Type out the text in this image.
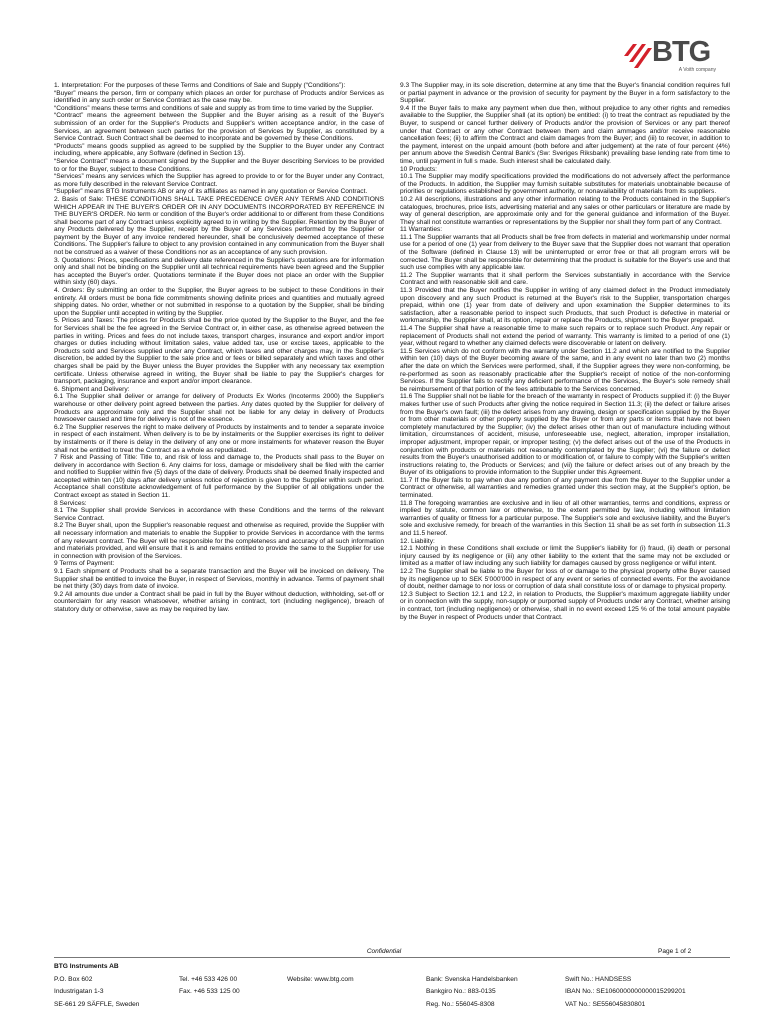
BTG
A Voith company

1. Interpretation: For the purposes of these Terms and Conditions of Sale and Supply (“Conditions”):

“Buyer” means the person, firm or company which places an order for purchase of Products and/or Services as identified in any such order or Service Contract as the case may be.

“Conditions” means these terms and conditions of sale and supply as from time to time varied by the Supplier.

“Contract” means the agreement between the Supplier and the Buyer arising as a result of the Buyer's submission of an order for the Supplier's Products and Supplier's written acceptance and/or, in the case of Services, an agreement between such parties for the provision of Services by Supplier, as constituted by a Service Contract. Such Contract shall be deemed to incorporate and be governed by these Conditions.

“Products” means goods supplied as agreed to be supplied by the Supplier to the Buyer under any Contract including, where applicable, any Software (defined in Section 13).

“Service Contract” means a document signed by the Supplier and the Buyer describing Services to be provided to or for the Buyer, subject to these Conditions.

“Services” means any services which the Supplier has agreed to provide to or for the Buyer under any Contract, as more fully described in the relevant Service Contract.

“Supplier” means BTG Instruments AB or any of its affiliates as named in any quotation or Service Contract.

2. Basis of Sale: THESE CONDITIONS SHALL TAKE PRECEDENCE OVER ANY TERMS AND CONDITIONS WHICH APPEAR IN THE BUYER'S ORDER OR IN ANY DOCUMENTS INCORPORATED BY REFERENCE IN THE BUYER'S ORDER. No term or condition of the Buyer's order additional to or different from these Conditions shall become part of any Contract unless explicitly agreed to in writing by the Supplier. Retention by the Buyer of any Products delivered by the Supplier, receipt by the Buyer of any Services performed by the Supplier or payment by the Buyer of any invoice rendered hereunder, shall be conclusively deemed acceptance of these Conditions. The Supplier's failure to object to any provision contained in any communication from the Buyer shall not be construed as a waiver of these Conditions nor as an acceptance of any such provision.

3. Quotations: Prices, specifications and delivery date referenced in the Supplier's quotations are for information only and shall not be binding on the Supplier until all technical requirements have been agreed and the Supplier has accepted the Buyer's order. Quotations terminate if the Buyer does not place an order with the Supplier within sixty (60) days.

4. Orders: By submitting an order to the Supplier, the Buyer agrees to be subject to these Conditions in their entirety. All orders must be bona fide commitments showing definite prices and quantities and mutually agreed shipping dates. No order, whether or not submitted in response to a quotation by the Supplier, shall be binding upon the Supplier until accepted in writing by the Supplier.

5. Prices and Taxes: The prices for Products shall be the price quoted by the Supplier to the Buyer, and the fee for Services shall be the fee agreed in the Service Contract or, in either case, as otherwise agreed between the parties in writing. Prices and fees do not include taxes, transport charges, insurance and export and/or import charges or duties including without limitation sales, value added tax, use or excise taxes, applicable to the Products sold and Services supplied under any Contract, which taxes and other charges may, in the Supplier's discretion, be added by the Supplier to the sale price and or fees or billed separately and which taxes and other charges shall be paid by the Buyer unless the Buyer provides the Supplier with any necessary tax exemption certificate. Unless otherwise agreed in writing, the Buyer shall be liable to pay the Supplier's charges for transport, packaging, insurance and export and/or import clearance.

6. Shipment and Delivery:

6.1 The Supplier shall deliver or arrange for delivery of Products Ex Works (Incoterms 2000) the Supplier's warehouse or other delivery point agreed between the parties. Any dates quoted by the Supplier for delivery of Products are approximate only and the Supplier shall not be liable for any delay in delivery of Products howsoever caused and time for delivery is not of the essence.

6.2 The Supplier reserves the right to make delivery of Products by instalments and to tender a separate invoice in respect of each instalment. When delivery is to be by instalments or the Supplier exercises its right to deliver by instalments or if there is delay in the delivery of any one or more instalments for whatever reason the Buyer shall not be entitled to treat the Contract as a whole as repudiated.

7 Risk and Passing of Title: Title to, and risk of loss and damage to, the Products shall pass to the Buyer on delivery in accordance with Section 6. Any claims for loss, damage or misdelivery shall be filed with the carrier and notified to Supplier within five (5) days of the date of delivery. Products shall be deemed finally inspected and accepted within ten (10) days after delivery unless notice of rejection is given to the Supplier within such period. Acceptance shall constitute acknowledgement of full performance by the Supplier of all obligations under the Contract except as stated in Section 11.

8 Services:

8.1 The Supplier shall provide Services in accordance with these Conditions and the terms of the relevant Service Contract.

8.2 The Buyer shall, upon the Supplier's reasonable request and otherwise as required, provide the Supplier with all necessary information and materials to enable the Supplier to provide Services in accordance with the terms of any relevant contract. The Buyer will be responsible for the completeness and accuracy of all such information and materials provided, and will ensure that it is and remains entitled to provide the same to the Supplier for use in connection with provision of the Services.

9 Terms of Payment:

9.1 Each shipment of Products shall be a separate transaction and the Buyer will be invoiced on delivery. The Supplier shall be entitled to invoice the Buyer, in respect of Services, monthly in advance. Terms of payment shall be net thirty (30) days from date of invoice.

9.2 All amounts due under a Contract shall be paid in full by the Buyer without deduction, withholding, set-off or counterclaim for any reason whatsoever, whether arising in contract, tort (including negligence), breach of statutory duty or otherwise, save as may be required by law.

9.3 The Supplier may, in its sole discretion, determine at any time that the Buyer's financial condition requires full or partial payment in advance or the provision of security for payment by the Buyer in a form satisfactory to the Supplier.

9.4 If the Buyer fails to make any payment when due then, without prejudice to any other rights and remedies available to the Supplier, the Supplier shall (at its option) be entitled: (i) to treat the contract as repudiated by the Buyer, to suspend or cancel further delivery of Products and/or the provision of Services or any part thereof under that Contract or any other Contract between them and claim ammages and/or receive reasonable cancellation fees; (ii) to affirm the Contract and claim damages from the Buyer; and (iii) to recover, in addition to the payment, interest on the unpaid amount (both before and after judgement) at the rate of four percent (4%) per annum above the Swedish Central Bank's (Sw: Sveriges Riksbank) prevailing base lending rate from time to time, until payment in full s made. Such interest shall be calculated daily.

10 Products:

10.1 The Supplier may modify specifications provided the modifications do not adversely affect the performance of the Products. In addition, the Supplier may furnish suitable substitutes for materials unobtainable because of priorities or regulations established by government authority, or nonavailability of materials from its suppliers.

10.2 All descriptions, illustrations and any other information relating to the Products contained in the Supplier's catalogues, brochures, price lists, advertising material and any sales or other particulars or literature are made by way of general description, are approximate only and for the general guidance and information of the Buyer. They shall not constitute warranties or representations by the Supplier nor shall they form part of any Contract.

11 Warranties:

11.1 The Supplier warrants that all Products shall be free from defects in material and workmanship under normal use for a period of one (1) year from delivery to the Buyer save that the Supplier does not warrant that operation of the Software (defined in Clause 13) will be uninterrupted or error free or that all program errors will be corrected. The Buyer shall be responsible for determining that the product is suitable for the Buyer's use and that such use complies with any applicable law.

11.2 The Supplier warrants that it shall perform the Services substantially in accordance with the Service Contract and with reasonable skill and care.

11.3 Provided that the Buyer notifies the Supplier in writing of any claimed defect in the Product immediately upon discovery and any such Product is returned at the Buyer's risk to the Supplier, transportation charges prepaid, within one (1) year from date of delivery and upon examination the Supplier determines to its satisfaction, after a reasonable period to inspect such Products, that such Product is defective in material or workmanship, the Supplier shall, at its option, repair or replace the Products, shipment to the Buyer prepaid.

11.4 The Supplier shall have a reasonable time to make such repairs or to replace such Product. Any repair or replacement of Products shall not extend the period of warranty. This warranty is limited to a period of one (1) year, without regard to whether any claimed defects were discoverable or latent on delivery.

11.5 Services which do not conform with the warranty under Section 11.2 and which are notified to the Supplier within ten (10) days of the Buyer becoming aware of the same, and in any event no later than two (2) months after the date on which the Services were performed, shall, if the Supplier agrees they were non-conforming, be re-performed as soon as reasonably practicable after the Supplier's receipt of notice of the non-conforming Services. If the Supplier fails to rectify any deficient performance of the Services, the Buyer's sole remedy shall be reimbursement of that portion of the fees attributable to the Services concerned.

11.6 The Supplier shall not be liable for the breach of the warranty in respect of Products supplied if: (i) the Buyer makes further use of such Products after giving the notice required in Section 11.3; (ii) the defect or failure arises from the Buyer's own fault; (iii) the defect arises from any drawing, design or specification supplied by the Buyer or from other materials or other property supplied by the Buyer or from any parts or items that have not been completely manufactured by the Supplier; (iv) the defect arises other than out of manufacture including without limitation, circumstances of accident, misuse, unforeseeable use, neglect, alteration, improper installation, improper adjustment, improper repair, or improper testing; (v) the defect arises out of the use of the Products in conjunction with products or materials not reasonably contemplated by the Supplier; (vi) the failure or defect results from the Buyer's unauthorised addition to or modification of, or failure to comply with the Supplier's written instructions relating to, the Products or Services; and (vii) the failure or defect arises out of any breach by the Buyer of its obligations to provide information to the Supplier under this Agreement.

11.7 If the Buyer fails to pay when due any portion of any payment due from the Buyer to the Supplier under a Contract or otherwise, all warranties and remedies granted under this section may, at the Supplier's option, be terminated.

11.8 The foregoing warranties are exclusive and in lieu of all other warranties, terms and conditions, express or implied by statute, common law or otherwise, to the extent permitted by law, including without limitation warranties of quality or fitness for a particular purpose. The Supplier's sole and exclusive liability, and the Buyer's sole and exclusive remedy, for breach of the warranties in this Section 11 shall be as set forth in subsection 11.3 and 11.5 hereof.

12. Liability:

12.1 Nothing in these Conditions shall exclude or limit the Supplier's liability for (i) fraud, (ii) death or personal injury caused by its negligence or (iii) any other liability to the extent that the same may not be excluded or limited as a matter of law including any such liability for damages caused by gross negligence or wilful intent.

12.2 The Supplier shall be liable to the Buyer for loss of or damage to the physical property ofthe Buyer caused by its negligence up to SEK 5'000'000 in respect of any event or series of connected events. For the avoidance of doubt, neither damage to nor loss or corruption of data shall constitute loss of or damage to physical property.

12.3 Subject to Section 12.1 and 12.2, in relation to Products, the Supplier's maximum aggregate liability under or in connection with the supply, non-supply or purported supply of Products under any Contract, whether arising in contract, tort (including negligence) or otherwise, shall in no event exceed 125 % of the total amount payable by the Buyer in respect of Products under that Contract.

Confidential	Page 1 of 2
BTG Instruments AB
P.O. Box 602
Industrigatan 1-3
SE-661 29 SÄFFLE, Sweden
Tel. +46 533 426 00
Fax. +46 533 125 00
Website: www.btg.com	Bank: Svenska Handelsbanken
Bankgiro No.: 883-0135
Reg. No.: 556045-8308
Swift No.: HANDSESS
IBAN No.: SE1060000000000015299201
VAT No.: SE556045830801
